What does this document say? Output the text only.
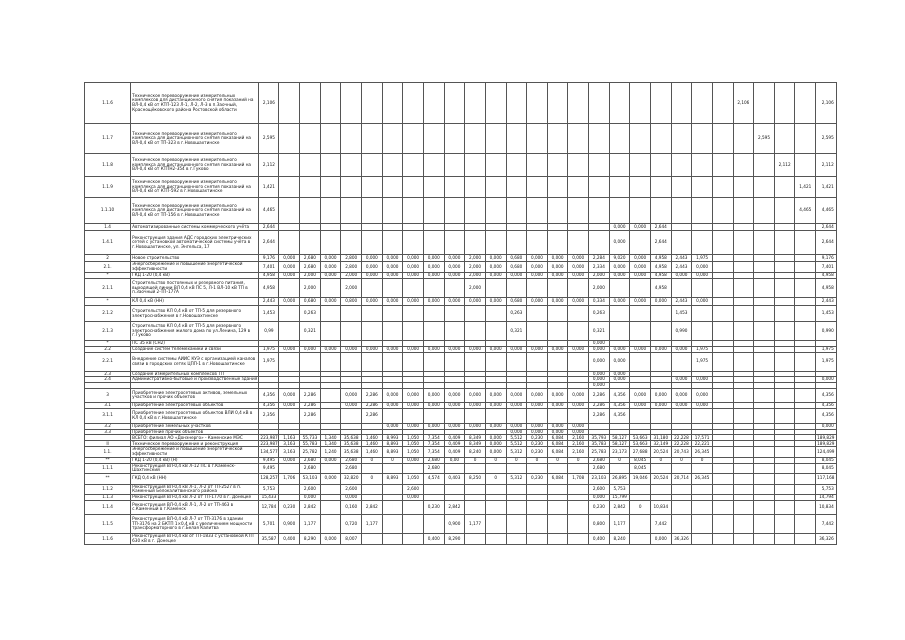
1.1.6	Техническое перевооружение измерительных комплексов для дистанционного снятия показаний на ВЛ-0,4 кВ от КТП-123 Л-1, Л-2, Л-3 в п.Заочный, Краснощёковского района Ростовской области	2,106																							2,106				2,106
1.1.7	Техническое перевооружение измерительного комплекса для дистанционного снятия показаний на ВЛ-0,4 кВ от ТП-323 в г.Новошахтинске	2,595																								2,595			2,595
1.1.8	Техническое перевооружение измерительного комплекса для дистанционного снятия показаний на ВЛ-0,4 кВ от КТПН2-354 в г.Гуково	2,112																									2,112		2,112
1.1.9	Техническое перевооружение измерительного комплекса для дистанционного снятия показаний на ВЛ-0,4 кВ от КТП-592 в г.Новошахтинске	1,421																										1,421	1,421
1.1.10	Техническое перевооружение измерительного комплекса для дистанционного снятия показаний на ВЛ-0,4 кВ от ТП-156 в г.Новошахтинске	4,465																										4,465	4,465
1.4	Автоматизированные системы коммерческого учёта	2,644																	0,000	0,000	2,644								2,644
1.4.1	Реконструкция здания АДС городских электрических сетей с установкой автоматической системы учёта в г.Новошахтинске, ул. Энгельса, 17	2,644																	0,000		2,644								2,644
2	Новое строительство	9,176	0,000	2,680	0,000	2,800	0,000	0,000	0,000	0,000	0,000	2,000	0,000	0,680	0,000	0,000	0,000	2,284	9,020	0,000	4,958	2,443	1,975						9,176
2.1.	Энергосбережение и повышение энергетической эффективности	7,401	0,000	2,680	0,000	2,800	0,000	0,000	0,000	0,000	0,000	2,000	0,000	0,680	0,000	0,000	0,000	2,334	0,000	0,000	4,958	2,443	0,000						7,401
*	ГКД 1-20 (0,4 кВ)	4,958	0,000	2,000	0,000	2,000	0,000	0,000	0,000	0,000	0,000	2,000	0,000	0,000	0,000	0,000	0,000	2,000	0,000	0,000	4,958	0,000	0,000						4,958
2.1.1	Строительство постоянных и резервного питания, выходящей линии ВЛ 0,4 кВ ПС 5, Л-1 ВЛ-10 кВ ТП в п.Заочный 2-ТП-177А	4,958		2,000		2,000						2,000						2,000			4,958								4,958
*	КЛ 0,4 кВ (НН)	2,443	0,000	0,680	0,000	0,800	0,000	0,000	0,000	0,000	0,000	0,000	0,000	0,680	0,000	0,000	0,000	0,334	0,000	0,000	0,000	2,443	0,000						2,443
2.1.2	Строительство КЛ 0,4 кВ от ТП-5 для резервного электроснабжения в г.Новошахтинске	1,453		0,263										0,263				0,263				1,453							1,453
2.1.3	Строительство КЛ 0,4 кВ от ТП-5 для резервного электроснабжения жилого дома по ул.Ленина, 129 в г.Гуково	0,99		0,321										0,321				0,321				0,990							0,990
*	ПС 35 кВ (СН2)																	0,000											
2.2	Создание систем телемеханики и связи	1,975	0,000	0,000	0,000	0,000	0,000	0,000	0,000	0,000	0,000	0,000	0,000	0,000	0,000	0,000	0,000	0,000	0,000	0,000	0,000	0,000	1,975						1,975
2.2.1	Внедрение системы АИИС КУЭ с организацией каналов связи в городских сетях ЦПП-1 в г.Новошахтинске	1,975																0,000	0,000				1,975						1,975
2.3	Создание измерительных комплексов ТП																	0,000	0,000										
2.4	Административно-бытовые и производственные здания																	0,000	0,000			0,000	0,000						0,000
																		0,000											
3	Приобретение электросетевых активов, земельных участков и прочих объектов	4,356	0,000	2,286		0,000	2,286	0,000	0,000	0,000	0,000	0,000	0,000	0,000	0,000	0,000	0,000	2,286	4,356	0,000	0,000	0,000	0,000						4,356
3.1	Приобретение электросетевых объектов	4,356	0,000	2,286		0,000	2,286	0,000	0,000	0,000	0,000	0,000	0,000	0,000	0,000	0,000	0,000	2,286	4,356	0,000	0,000	0,000	0,000						4,356
3.1.1	Приобретение электросетевых объектов ВЛИ 0,4 кВ в КЛ 0,4 кВ в г.Новошахтинске	2,356		2,286			2,286											2,286	4,356										4,356
3.2	Приобретение земельных участков							0,000	0,000	0,000	0,000	0,000	0,000	0,000	0,000	0,000	0,000												0,000
3.3	Приобретение прочих объектов													0,000	0,000	0,000	0,000												
	ВСЕГО: филиал АО «Донэнерго» - Каменские МЭС	223,987	1,163	55,733	1,340	35,638	1,460	8,993	1,050	7,354	0,409	8,349	0,000	5,512	0,230	6,084	2,160	35,793	58,127	53,663	31,180	22,228	17,571						189,829
II	Техническое перевооружение и реконструкция	223,987	3,163	55,783	1,340	35,638	1,460	8,893	1,050	7,354	0,409	8,349	0,000	5,512	0,230	6,084	2,160	35,783	58,127	53,663	32,149	22,228	22,221						189,829
1.1.	Энергосбережение и повышение энергетической эффективности	134,577	3,163	25,782	1,240	35,638	1,460	8,893	1,050	7,354	0,409	8,240	0,000	5,312	0,230	6,084	2,160	25,783	23,173	27,688	20,524	20,743	26,345						124,499
**	ГКД 1-20 (0,4 кВ) (Н)	9,495	0,000	2,680	0,000	2,680	0	0	0,000	2,680	0,00	0	0	0	0	0	0	2,680	0	8,045	0	0	0						8,045
1.1.1	Реконструкция ВЛ-0,4 кВ Л-12 ПС в г.Каменск-Шахтинский	9,495		2,680		2,680				2,680								2,680		8,045									8,045
**	ГКД 0,4 кВ (НН)	128,257	1,706	53,103	0,000	32,820	0	8,893	1,050	4,574	0,403	8,250	0	5,312	0,230	6,084	1,708	23,103	26,895	19,046	20,524	20,714	26,345						117,168
1.1.2	Реконструкция ВЛ-0,4 кВ Л-1, Л-2 от ТП-2527 в п. Каменный Белокалитвинского района	5,753		2,600		2,600			2,600									2,600	5,753										5,753
1.1.3	Реконструкция ВЛ-0,4 кВ Л-2 от ТП-1770 в г. Донецке	15,433		0,000		0,000			0,000									0,000	15,799										14,794
1.1.4	Реконструкция ВЛ-0,4 кВ Л-1, Л-2 от ТП-463 в с.Каменный в г.Каменск	12,784	0,230	2,842		0,160	2,842			0,230	2,842							0,230	2,842	0	10,834								10,834
1.1.5	Реконструкция ВЛ-0,4 кВ Л-7 от ТП-3176 в здании ТП-3176 на 2 БКТП 1×0,4 кВ с увеличением мощности трансформаторного в г.Белая Калитва	5,701	0,900	1,177		0,720	1,177				0,900	1,177						0,800	1,177		7,442								7,442
1.1.6	Реконструкция ВЛ-0,4 кВ от ТП-1833 с установкой КТП 630 кВ в г. Донецке	35,587	0,400	8,290	0,000	8,007				0,400	8,290							0,400	8,240		0,000	36,326							36,326
